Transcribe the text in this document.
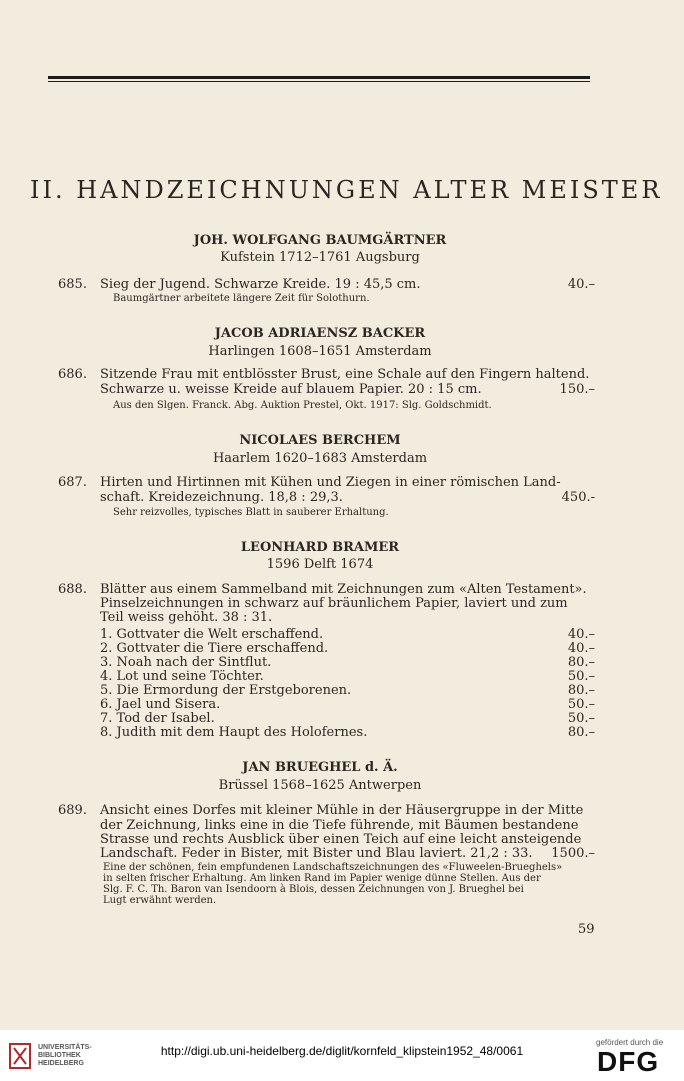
II. HANDZEICHNUNGEN ALTER MEISTER
JOH. WOLFGANG BAUMGÄRTNER
Kufstein 1712–1761 Augsburg
685. Sieg der Jugend. Schwarze Kreide. 19 : 45,5 cm.	40.–
Baumgärtner arbeitete längere Zeit für Solothurn.
JACOB ADRIAENSZ BACKER
Harlingen 1608–1651 Amsterdam
686. Sitzende Frau mit entblösster Brust, eine Schale auf den Fingern haltend.
Schwarze u. weisse Kreide auf blauem Papier. 20 : 15 cm.	150.–
Aus den Slgen. Franck. Abg. Auktion Prestel, Okt. 1917: Slg. Goldschmidt.
NICOLAES BERCHEM
Haarlem 1620–1683 Amsterdam
687. Hirten und Hirtinnen mit Kühen und Ziegen in einer römischen Land-
schaft. Kreidezeichnung. 18,8 : 29,3.	450.-
Sehr reizvolles, typisches Blatt in sauberer Erhaltung.
LEONHARD BRAMER
1596 Delft 1674
688. Blätter aus einem Sammelband mit Zeichnungen zum «Alten Testament».
Pinselzeichnungen in schwarz auf bräunlichem Papier, laviert und zum
Teil weiss gehöht. 38 : 31.
1. Gottvater die Welt erschaffend.	40.–
2. Gottvater die Tiere erschaffend.	40.–
3. Noah nach der Sintflut.	80.–
4. Lot und seine Töchter.	50.–
5. Die Ermordung der Erstgeborenen.	80.–
6. Jael und Sisera.	50.–
7. Tod der Isabel.	50.–
8. Judith mit dem Haupt des Holofernes.	80.–
JAN BRUEGHEL d. Ä.
Brüssel 1568–1625 Antwerpen
689. Ansicht eines Dorfes mit kleiner Mühle in der Häusergruppe in der Mitte
der Zeichnung, links eine in die Tiefe führende, mit Bäumen bestandene
Strasse und rechts Ausblick über einen Teich auf eine leicht ansteigende
Landschaft. Feder in Bister, mit Bister und Blau laviert. 21,2 : 33.	1500.–
Eine der schönen, fein empfundenen Landschaftszeichnungen des «Fluweelen-Brueghels»
in selten frischer Erhaltung. Am linken Rand im Papier wenige dünne Stellen. Aus der
Slg. F. C. Th. Baron van Isendoorn à Blois, dessen Zeichnungen von J. Brueghel bei
Lugt erwähnt werden.
59
UNIVERSITÄTS-
BIBLIOTHEK
HEIDELBERG
http://digi.ub.uni-heidelberg.de/diglit/kornfeld_klipstein1952_48/0061
gefördert durch die
DFG
